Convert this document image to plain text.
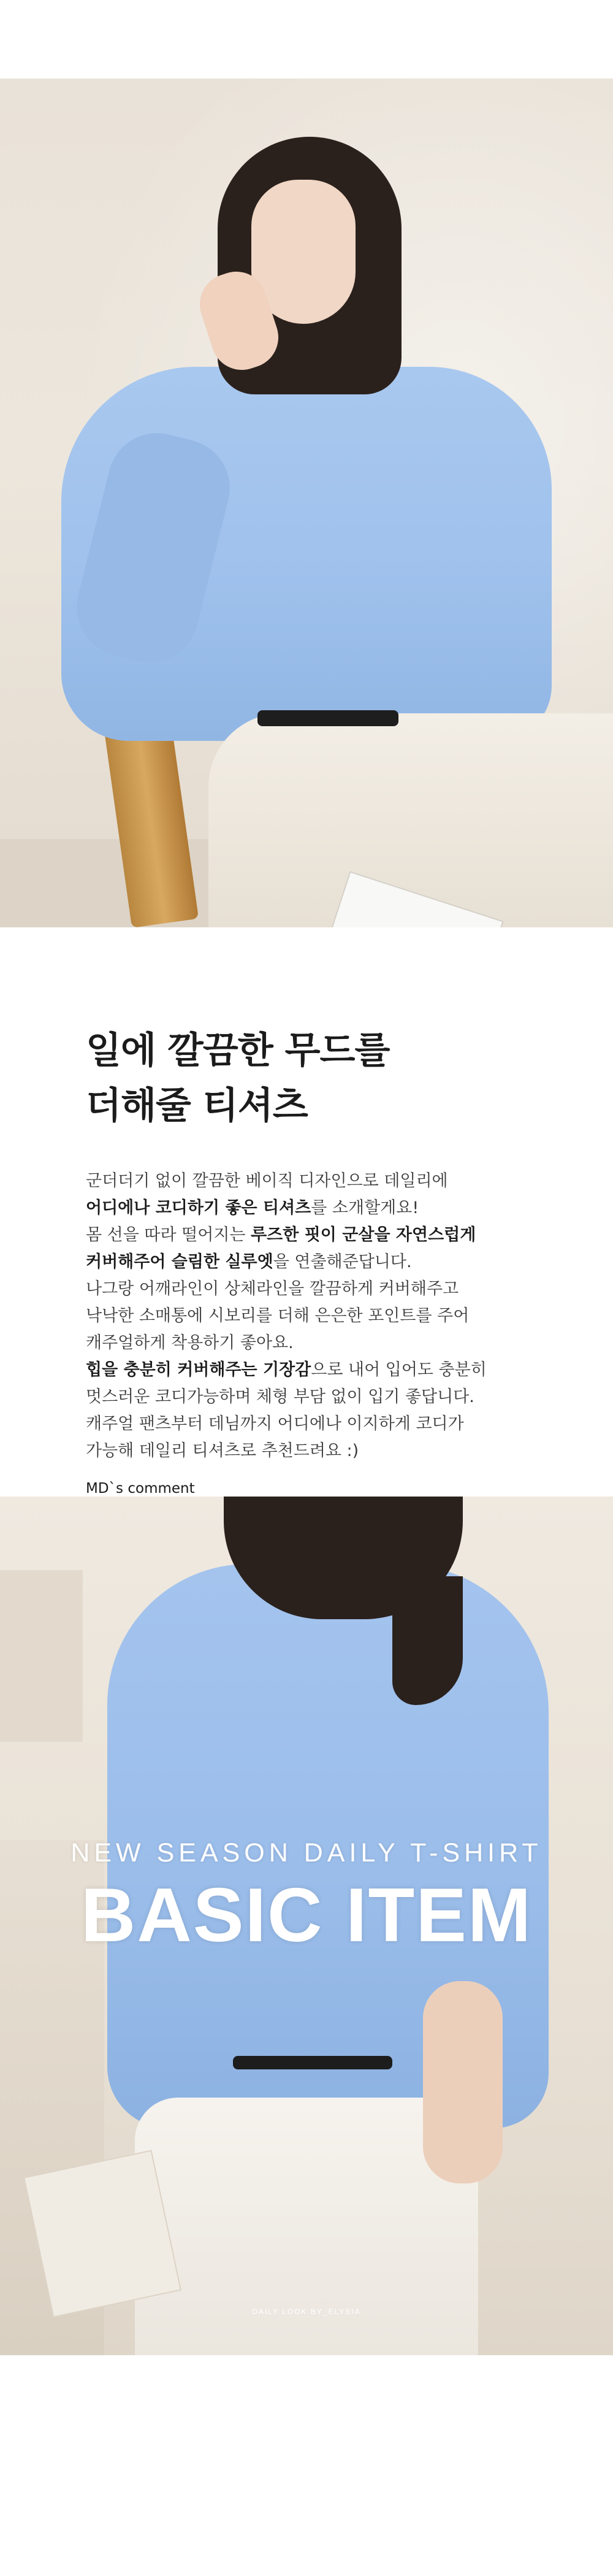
일에 깔끔한 무드를
더해줄 티셔츠
군더더기 없이 깔끔한 베이직 디자인으로 데일리에
어디에나 코디하기 좋은 티셔츠를 소개할게요!
몸 선을 따라 떨어지는 루즈한 핏이 군살을 자연스럽게
커버해주어 슬림한 실루엣을 연출해준답니다.
나그랑 어깨라인이 상체라인을 깔끔하게 커버해주고
낙낙한 소매통에 시보리를 더해 은은한 포인트를 주어
캐주얼하게 착용하기 좋아요.
힙을 충분히 커버해주는 기장감으로 내어 입어도 충분히
멋스러운 코디가능하며 체형 부담 없이 입기 좋답니다.
캐주얼 팬츠부터 데님까지 어디에나 이지하게 코디가
가능해 데일리 티셔츠로 추천드려요 :)
MD`s comment
NEW SEASON DAILY T-SHIRT
BASIC ITEM
DAILY LOOK BY_ELYSIA
